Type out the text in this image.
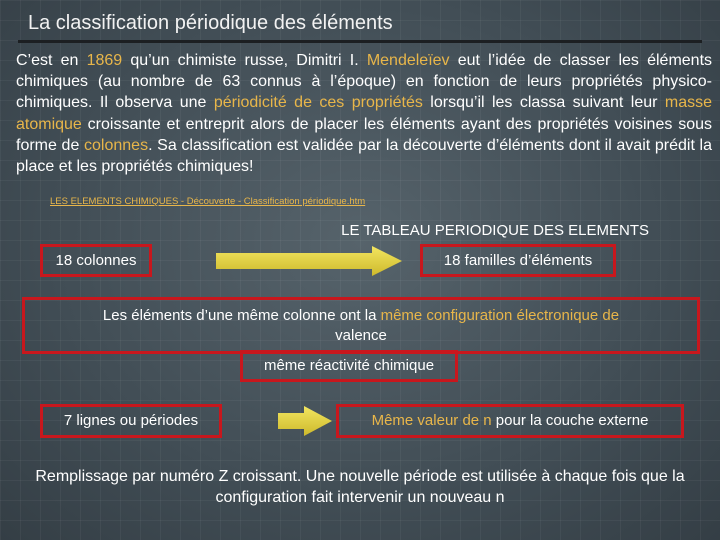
La classification périodique des éléments
C’est en 1869 qu’un chimiste russe, Dimitri I. Mendeleïev eut l’idée de classer les éléments chimiques (au nombre de 63 connus à l’époque) en fonction de leurs propriétés physico-chimiques. Il observa une périodicité de ces propriétés lorsqu’il les classa suivant leur masse atomique croissante et entreprit alors de placer les éléments ayant des propriétés voisines sous forme de colonnes. Sa classification est validée par la découverte d’éléments dont il avait prédit la place et les propriétés chimiques!
LES ELEMENTS CHIMIQUES - Découverte - Classification périodique.htm
LE TABLEAU PERIODIQUE DES ELEMENTS
18 colonnes	18 familles d’éléments
Les éléments d’une même colonne ont la même configuration électronique de
valence
même réactivité chimique
7 lignes ou périodes	Même valeur de n pour la couche externe
Remplissage par numéro Z croissant. Une nouvelle période est utilisée à chaque fois que la configuration fait intervenir un nouveau n
